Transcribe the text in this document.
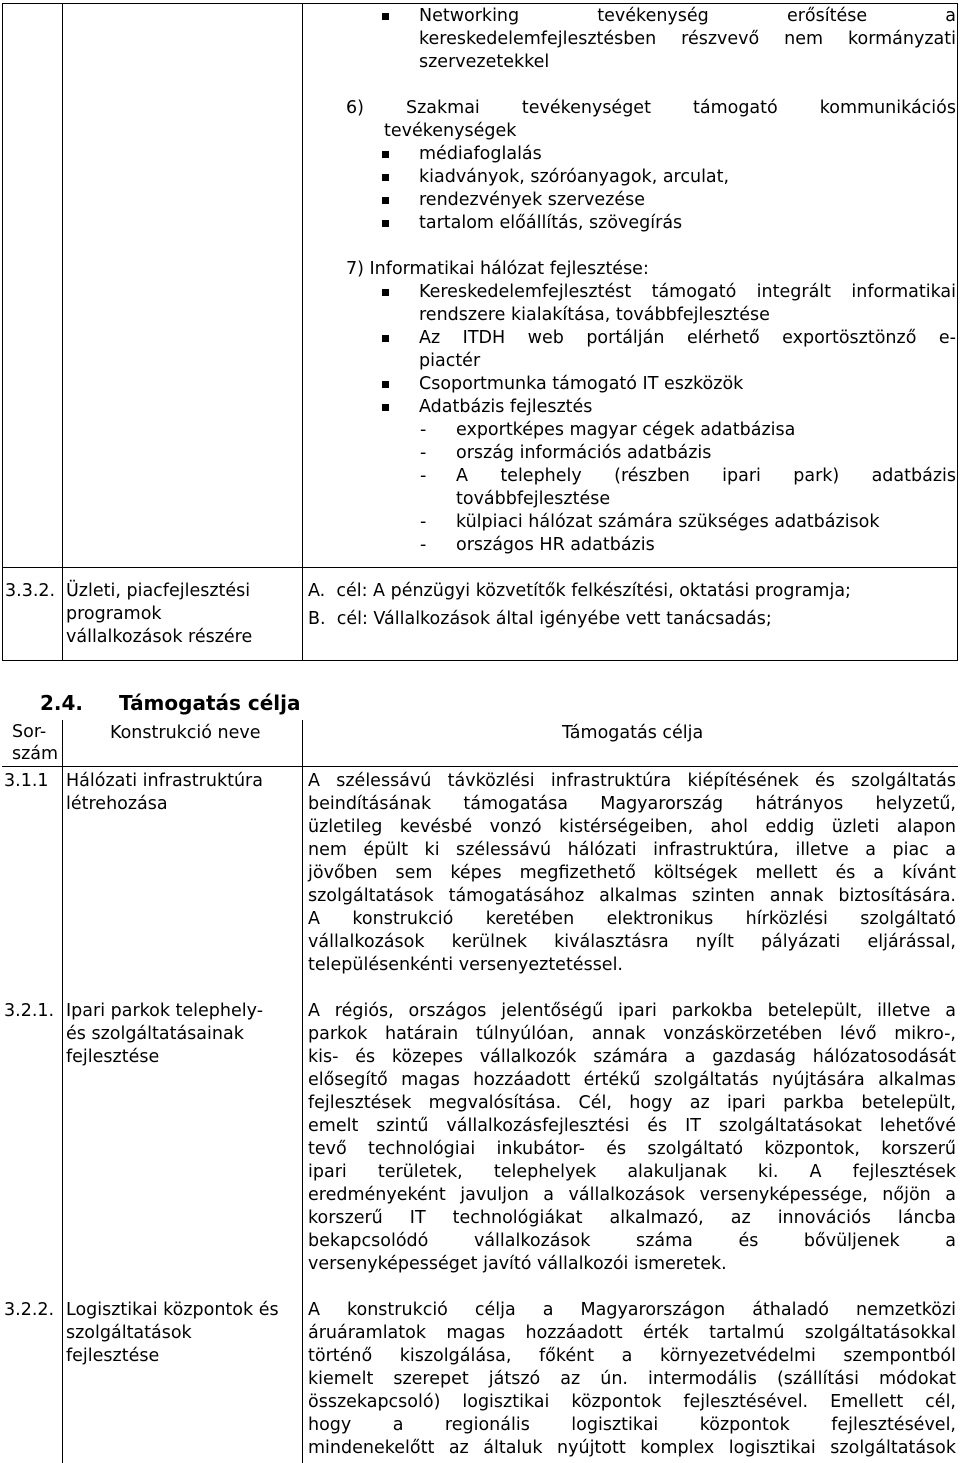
Networking tevékenység erősítése a

kereskedelemfejlesztésben részvevő nem kormányzati

szervezetekkel

6) Szakmai tevékenységet támogató kommunikációs

tevékenységek

médiafoglalás

kiadványok, szóróanyagok, arculat,

rendezvények szervezése

tartalom előállítás, szövegírás

7) Informatikai hálózat fejlesztése:

Kereskedelemfejlesztést támogató integrált informatikai

rendszere kialakítása, továbbfejlesztése

Az ITDH web portálján elérhető exportösztönző e-

piactér

Csoportmunka támogató IT eszközök

Adatbázis fejlesztés

- exportképes magyar cégek adatbázisa

- ország információs adatbázis

- A telephely (részben ipari park) adatbázis

továbbfejlesztése

- külpiaci hálózat számára szükséges adatbázisok

- országos HR adatbázis

3.3.2. Üzleti, piacfejlesztési

programok

vállalkozások részére

A.  cél: A pénzügyi közvetítők felkészítési, oktatási programja;

B.  cél: Vállalkozások által igényébe vett tanácsadás;

2.4. Támogatás célja

Sor-

szám

Konstrukció neve	Támogatás célja

3.1.1 Hálózati infrastruktúra

létrehozása

A szélessávú távközlési infrastruktúra kiépítésének és szolgáltatás

beindításának támogatása Magyarország hátrányos helyzetű,

üzletileg kevésbé vonzó kistérségeiben, ahol eddig üzleti alapon

nem épült ki szélessávú hálózati infrastruktúra, illetve a piac a

jövőben sem képes megfizethető költségek mellett és a kívánt

szolgáltatások támogatásához alkalmas szinten annak biztosítására.

A konstrukció keretében elektronikus hírközlési szolgáltató

vállalkozások kerülnek kiválasztásra nyílt pályázati eljárással,

településenkénti versenyeztetéssel.

3.2.1. Ipari parkok telephely-

és szolgáltatásainak

fejlesztése

A régiós, országos jelentőségű ipari parkokba betelepült, illetve a

parkok határain túlnyúlóan, annak vonzáskörzetében lévő mikro-,

kis- és közepes vállalkozók számára a gazdaság hálózatosodását

elősegítő magas hozzáadott értékű szolgáltatás nyújtására alkalmas

fejlesztések megvalósítása. Cél, hogy az ipari parkba betelepült,

emelt szintű vállalkozásfejlesztési és IT szolgáltatásokat lehetővé

tevő technológiai inkubátor- és szolgáltató központok, korszerű

ipari területek, telephelyek alakuljanak ki. A fejlesztések

eredményeként javuljon a vállalkozások versenyképessége, nőjön a

korszerű IT technológiákat alkalmazó, az innovációs láncba

bekapcsolódó vállalkozások száma és bővüljenek a

versenyképességet javító vállalkozói ismeretek.

3.2.2. Logisztikai központok és

szolgáltatások

fejlesztése

A konstrukció célja a Magyarországon áthaladó nemzetközi

áruáramlatok magas hozzáadott érték tartalmú szolgáltatásokkal

történő kiszolgálása, főként a környezetvédelmi szempontból

kiemelt szerepet játszó az ún. intermodális (szállítási módokat

összekapcsoló) logisztikai központok fejlesztésével. Emellett cél,

hogy a regionális logisztikai központok fejlesztésével,

mindenekelőtt az általuk nyújtott komplex logisztikai szolgáltatások
